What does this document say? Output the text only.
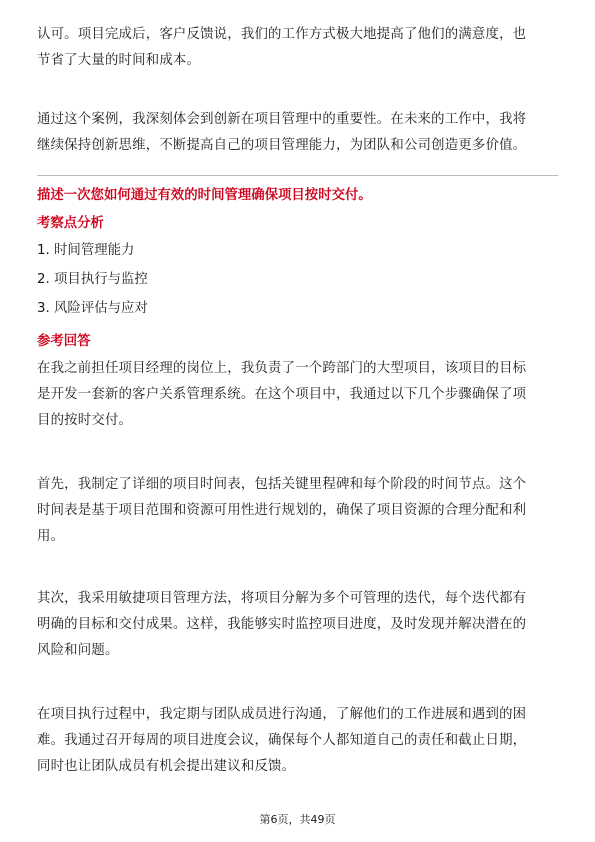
认可。项目完成后，客户反馈说，我们的工作方式极大地提高了他们的满意度，也
节省了大量的时间和成本。
通过这个案例，我深刻体会到创新在项目管理中的重要性。在未来的工作中，我将
继续保持创新思维，不断提高自己的项目管理能力，为团队和公司创造更多价值。
描述一次您如何通过有效的时间管理确保项目按时交付。
考察点分析
1. 时间管理能力
2. 项目执行与监控
3. 风险评估与应对
参考回答
在我之前担任项目经理的岗位上，我负责了一个跨部门的大型项目，该项目的目标
是开发一套新的客户关系管理系统。在这个项目中，我通过以下几个步骤确保了项
目的按时交付。
首先，我制定了详细的项目时间表，包括关键里程碑和每个阶段的时间节点。这个
时间表是基于项目范围和资源可用性进行规划的，确保了项目资源的合理分配和利
用。
其次，我采用敏捷项目管理方法，将项目分解为多个可管理的迭代，每个迭代都有
明确的目标和交付成果。这样，我能够实时监控项目进度，及时发现并解决潜在的
风险和问题。
在项目执行过程中，我定期与团队成员进行沟通，了解他们的工作进展和遇到的困
难。我通过召开每周的项目进度会议，确保每个人都知道自己的责任和截止日期，
同时也让团队成员有机会提出建议和反馈。
第6页，共49页
